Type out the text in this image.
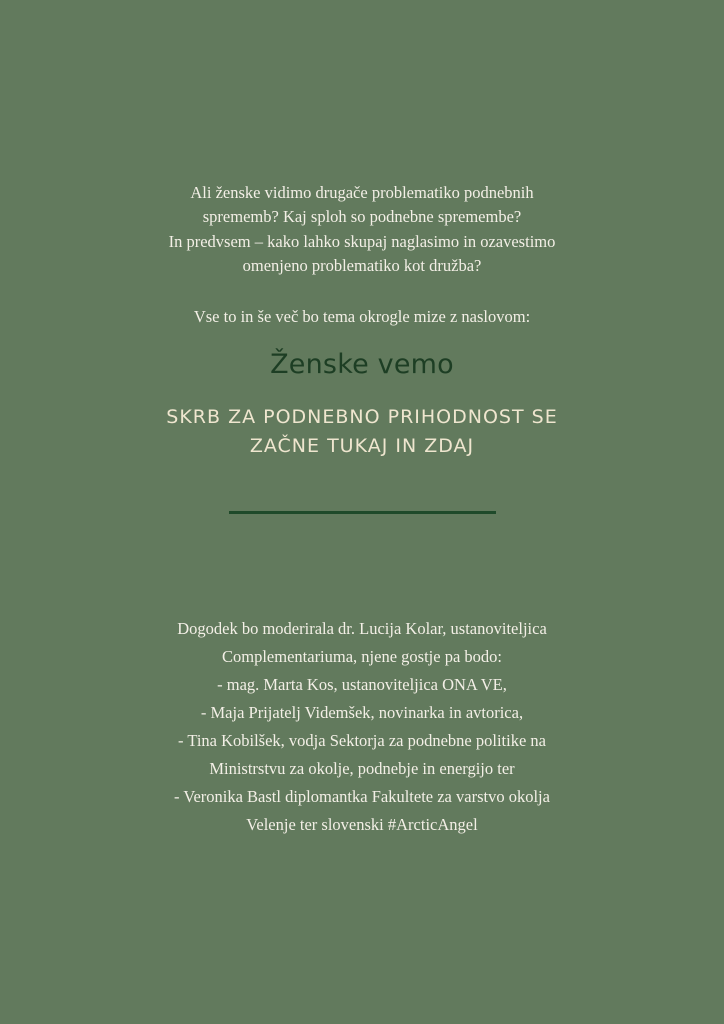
Ali ženske vidimo drugače problematiko podnebnih
sprememb? Kaj sploh so podnebne spremembe?
In predvsem – kako lahko skupaj naglasimo in ozavestimo
omenjeno problematiko kot družba?
Vse to in še več bo tema okrogle mize z naslovom:
Ženske vemo
SKRB ZA PODNEBNO PRIHODNOST SE
ZAČNE TUKAJ IN ZDAJ
Dogodek bo moderirala dr. Lucija Kolar, ustanoviteljica
Complementariuma, njene gostje pa bodo:
- mag. Marta Kos, ustanoviteljica ONA VE,
- Maja Prijatelj Videmšek, novinarka in avtorica,
- Tina Kobilšek, vodja Sektorja za podnebne politike na
Ministrstvu za okolje, podnebje in energijo ter
- Veronika Bastl diplomantka Fakultete za varstvo okolja
Velenje ter slovenski #ArcticAngel
